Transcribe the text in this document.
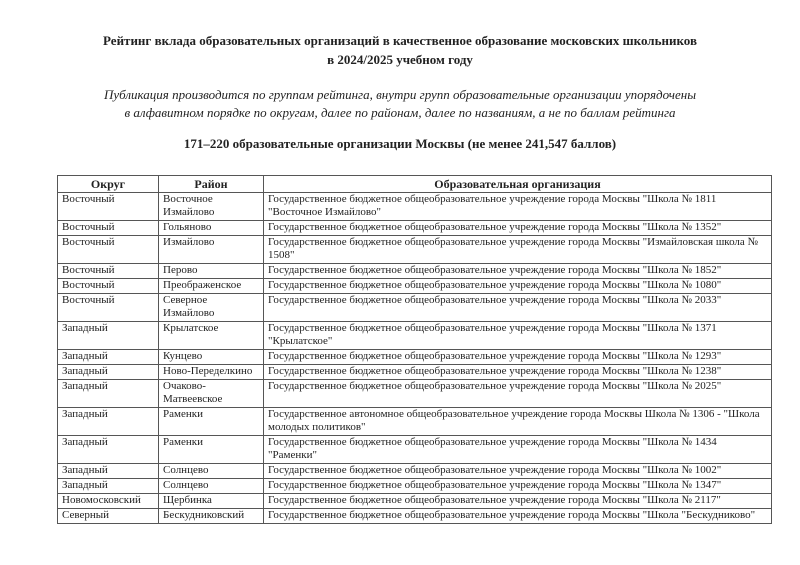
Рейтинг вклада образовательных организаций в качественное образование московских школьников
в 2024/2025 учебном году
Публикация производится по группам рейтинга, внутри групп образовательные организации упорядочены
в алфавитном порядке по округам, далее по районам, далее по названиям, а не по баллам рейтинга
171–220 образовательные организации Москвы (не менее 241,547 баллов)
Округ	Район	Образовательная организация
Восточный	Восточное Измайлово	Государственное бюджетное общеобразовательное учреждение города Москвы "Школа № 1811 "Восточное Измайлово"
Восточный	Гольяново	Государственное бюджетное общеобразовательное учреждение города Москвы "Школа № 1352"
Восточный	Измайлово	Государственное бюджетное общеобразовательное учреждение города Москвы "Измайловская школа № 1508"
Восточный	Перово	Государственное бюджетное общеобразовательное учреждение города Москвы "Школа № 1852"
Восточный	Преображенское	Государственное бюджетное общеобразовательное учреждение города Москвы "Школа № 1080"
Восточный	Северное Измайлово	Государственное бюджетное общеобразовательное учреждение города Москвы "Школа № 2033"
Западный	Крылатское	Государственное бюджетное общеобразовательное учреждение города Москвы "Школа № 1371 "Крылатское"
Западный	Кунцево	Государственное бюджетное общеобразовательное учреждение города Москвы "Школа № 1293"
Западный	Ново-Переделкино	Государственное бюджетное общеобразовательное учреждение города Москвы "Школа № 1238"
Западный	Очаково-Матвеевское	Государственное бюджетное общеобразовательное учреждение города Москвы "Школа № 2025"
Западный	Раменки	Государственное автономное общеобразовательное учреждение города Москвы Школа № 1306 - "Школа молодых политиков"
Западный	Раменки	Государственное бюджетное общеобразовательное учреждение города Москвы "Школа № 1434 "Раменки"
Западный	Солнцево	Государственное бюджетное общеобразовательное учреждение города Москвы "Школа № 1002"
Западный	Солнцево	Государственное бюджетное общеобразовательное учреждение города Москвы "Школа № 1347"
Новомосковский	Щербинка	Государственное бюджетное общеобразовательное учреждение города Москвы "Школа № 2117"
Северный	Бескудниковский	Государственное бюджетное общеобразовательное учреждение города Москвы "Школа "Бескудниково"
